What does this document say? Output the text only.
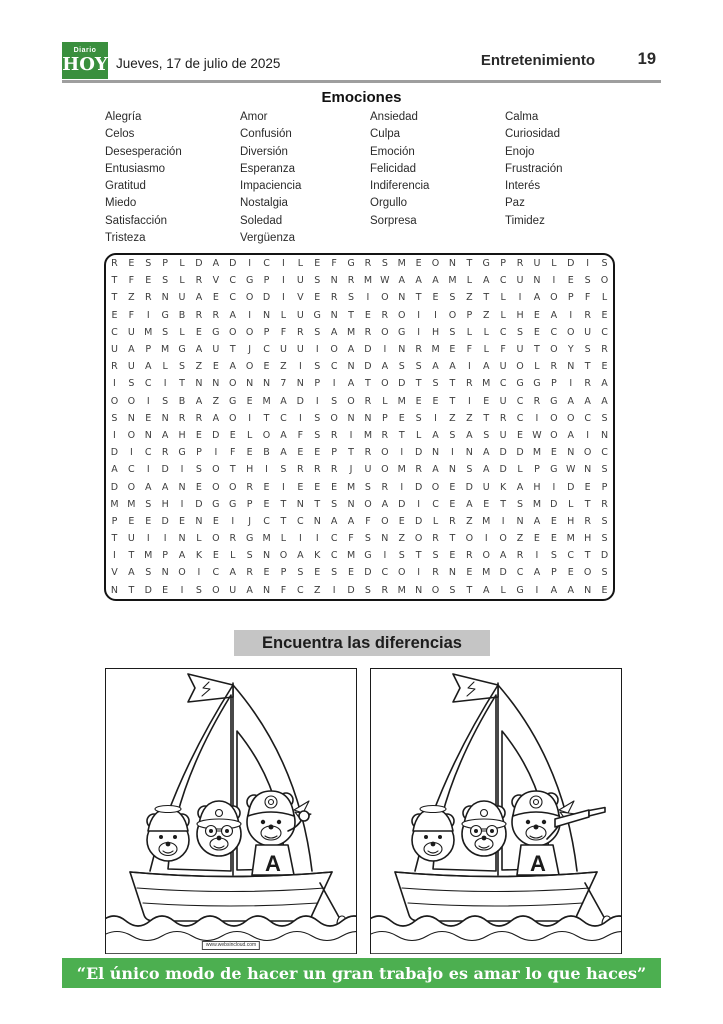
Diario
HOY Jueves, 17 de julio de 2025	Entretenimiento	19
Emociones
Alegría
Celos
Desesperación
Entusiasmo
Gratitud
Miedo
Satisfacción
Tristeza
Amor
Confusión
Diversión
Esperanza
Impaciencia
Nostalgia
Soledad
Vergüenza
Ansiedad
Culpa
Emoción
Felicidad
Indiferencia
Orgullo
Sorpresa
Calma
Curiosidad
Enojo
Frustración
Interés
Paz
Timidez
R	E	S	P	L	D	A	D	I	C	I	L	E	F	G	R	S	M	E	O	N	T	G	P	R	U	L	D	I	S
T	F	E	S	L	R	V	C	G	P	I	U	S	N	R M W A	A	A	M	L	A	C	U	N	I	E	S	O
T	Z	R	N	U	A	E	C	O	D	I	V	E	R	S	I	O	N	T	E	S	Z	T	L	I	A	O	P	F	L
E	F	I	G	B	R	R	A	I	N	L	U	G	N	T	E	R	O	I	I	O	P	Z	L	H	E	A	I	R	E
C	U M	S	L	E	G O O	P	F	R	S	A	M R	O G	I	H	S	L	L	C	S	E	C	O	U	C
U	A	P	M G	A	U	T	J	C	U	U	I	O	A	D	I	N	R	M	E	F	L	F	U	T	O	Y	S	R
R	U	A	L	S	Z	E	A	O	E	Z	I	S	C	N	D	A	S	S	A	A	I	A	U	O	L	R	N	T	E
I	S	C	I	T	N	N	O	N	N	7	N	P	I	A	T	O	D	T	S	T	R	M C	G	G	P	I	R	A
O O	I	S	B	A	Z	G	E	M	A	D	I	S	O	R	L	M	E	E	T	I	E	U	C	R	G	A	A	A
S	N	E	N	R	R	A	O	I	T	C	I	S	O	N	N	P	E	S	I	Z	Z	T	R	C	I	O O	C	S
I	O	N	A	H	E	D	E	L	O	A	F	S	R	I	M	R	T	L	A	S	A	S	U	E W O	A	I	N
D	I	C	R	G	P	I	F	E	B	A	E	E	P	T	R	O	I	D	N	I	N	A	D	D M	E	N	O	C
A	C	I	D	I	S	O	T	H	I	S	R	R	R	J	U	O M R	A	N	S	A	D	L	P	G W N	S
D O	A	A	N	E	O O	R	E	I	E	E	E	M	S	R	I	D	O	E	D	U	K	A	H	I	D	E	P
M M	S	H	I	D	G	G	P	E	T	N	T	S	N	O	A	D	I	C	E	A	E	T	S	M D	L	T	R
P	E	E	D	E	N	E	I	J	C	T	C	N	A	A	F	O	E	D	L	R	Z	M	I	N	A	E	H	R	S
T	U	I	I	N	L	O	R	G M	L	I	I	C	F	S	N	Z	O	R	T	O	I	O	Z	E	E	M H	S
I	T	M	P	A	K	E	L	S	N	O	A	K	C M G	I	S	T	S	E	R	O	A	R	I	S	C	T	D
V	A	S	N	O	I	C	A	R	E	P	S	E	S	E	D	C	O	I	R	N	E	M D	C	A	P	E	O	S
N	T	D	E	I	S	O	U	A	N	F	C	Z	I	D	S	R	M N	O	S	T	A	L	G	I	A	A	N	E
Encuentra las diferencias
A
www.websincloud.com
A
“El único modo de hacer un gran trabajo es amar lo que haces”
